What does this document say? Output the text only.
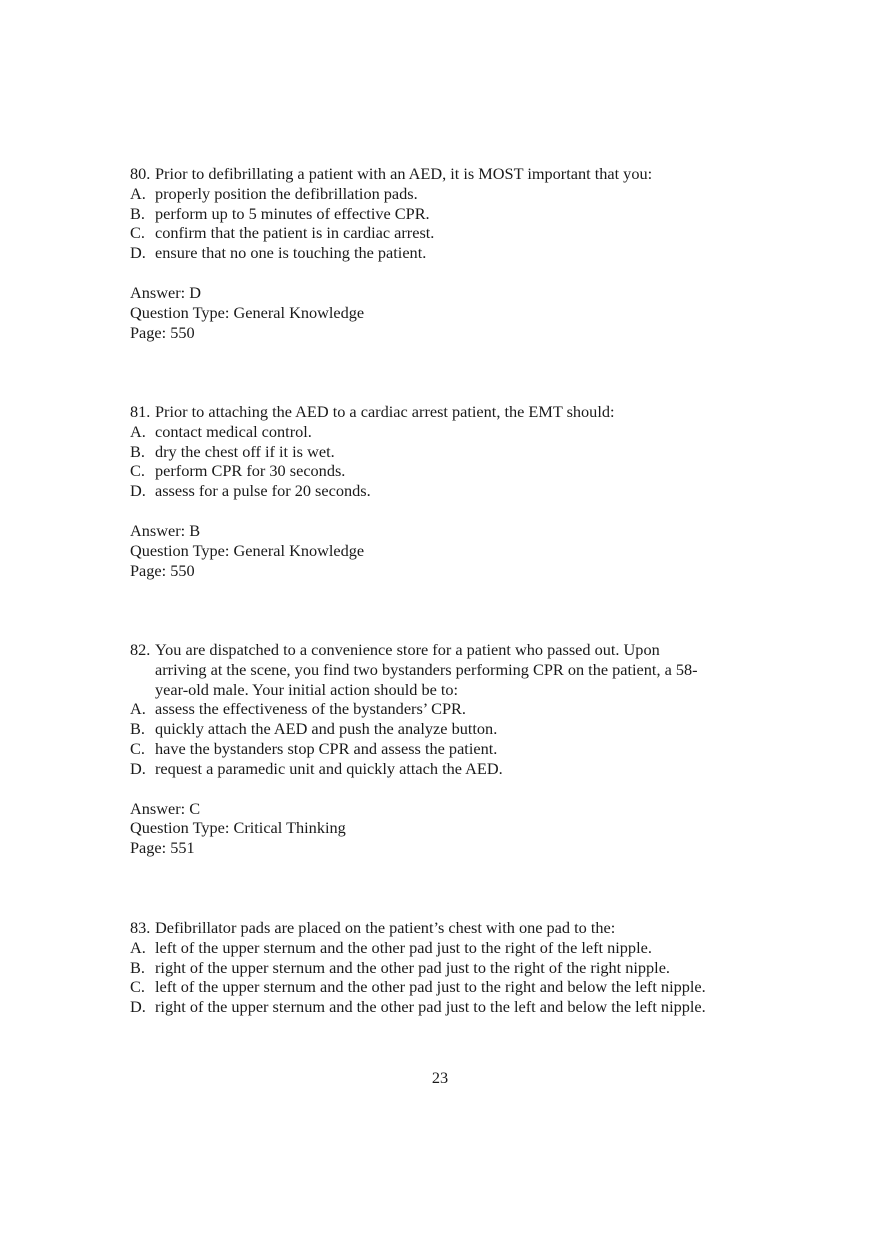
80. Prior to defibrillating a patient with an AED, it is MOST important that you:
A. properly position the defibrillation pads.
B. perform up to 5 minutes of effective CPR.
C. confirm that the patient is in cardiac arrest.
D. ensure that no one is touching the patient.
Answer: D
Question Type: General Knowledge
Page: 550
81. Prior to attaching the AED to a cardiac arrest patient, the EMT should:
A. contact medical control.
B. dry the chest off if it is wet.
C. perform CPR for 30 seconds.
D. assess for a pulse for 20 seconds.
Answer: B
Question Type: General Knowledge
Page: 550
82. You are dispatched to a convenience store for a patient who passed out. Upon
arriving at the scene, you find two bystanders performing CPR on the patient, a 58-
year-old male. Your initial action should be to:
A. assess the effectiveness of the bystanders’ CPR.
B. quickly attach the AED and push the analyze button.
C. have the bystanders stop CPR and assess the patient.
D. request a paramedic unit and quickly attach the AED.
Answer: C
Question Type: Critical Thinking
Page: 551
83. Defibrillator pads are placed on the patient’s chest with one pad to the:
A. left of the upper sternum and the other pad just to the right of the left nipple.
B. right of the upper sternum and the other pad just to the right of the right nipple.
C. left of the upper sternum and the other pad just to the right and below the left nipple.
D. right of the upper sternum and the other pad just to the left and below the left nipple.
23
